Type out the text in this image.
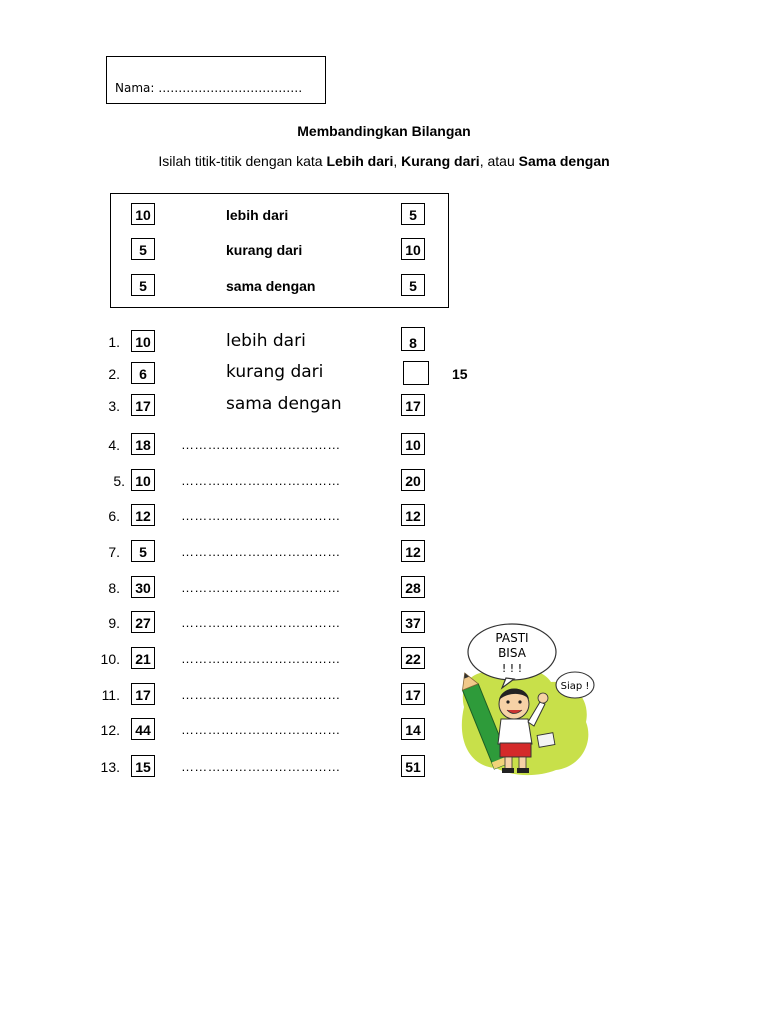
Nama: ………………………………
Membandingkan Bilangan
Isilah titik-titik dengan kata Lebih dari, Kurang dari, atau Sama dengan
10	lebih dari	5
5	kurang dari	10
5	sama dengan	5
1.	10	lebih dari	8
2.	6	kurang dari	15
3.	17	sama dengan	17
4.	18	………………………………	10
5. 10	………………………………	20
6.	12	………………………………	12
7.	5	………………………………	12
8.	30	………………………………	28
9.	27	………………………………	37
10.	21	………………………………	22
11.	17	………………………………	17
12.	44	………………………………	14
13.	15	………………………………	51
PASTI
BISA
! ! !
Siap !
